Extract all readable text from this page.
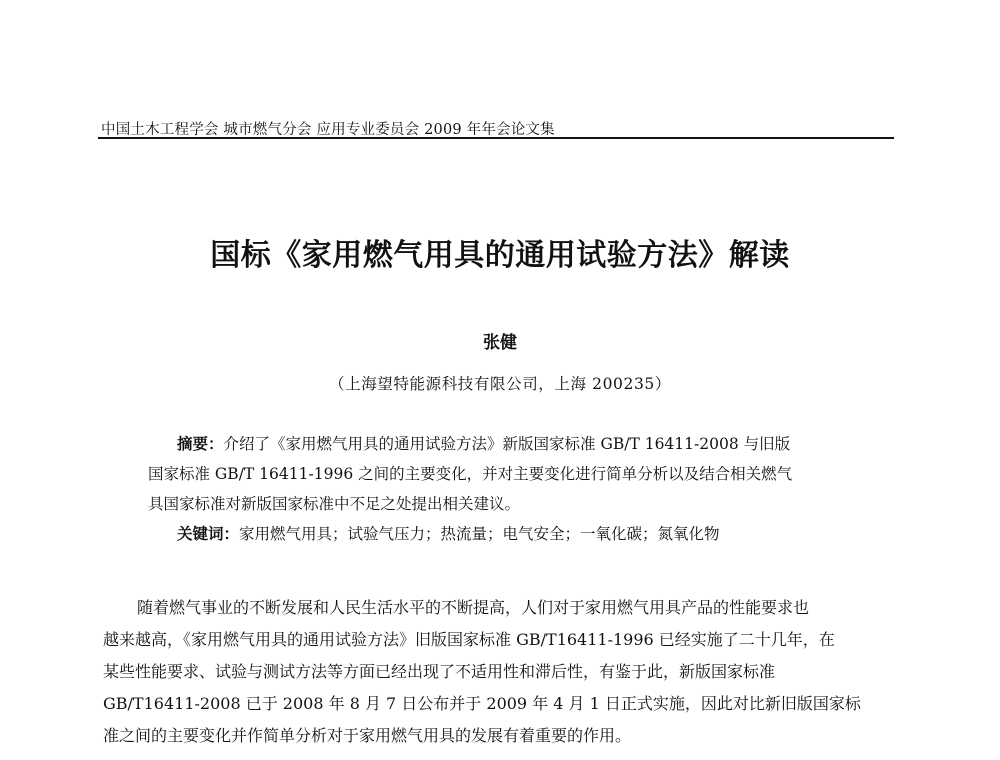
中国土木工程学会 城市燃气分会 应用专业委员会 2009 年年会论文集
国标《家用燃气用具的通用试验方法》解读
张健
（上海望特能源科技有限公司，上海 200235）
摘要：介绍了《家用燃气用具的通用试验方法》新版国家标准 GB/T 16411-2008 与旧版
国家标准 GB/T 16411-1996 之间的主要变化，并对主要变化进行简单分析以及结合相关燃气
具国家标准对新版国家标准中不足之处提出相关建议。
关键词：家用燃气用具；试验气压力；热流量；电气安全；一氧化碳；氮氧化物
随着燃气事业的不断发展和人民生活水平的不断提高，人们对于家用燃气用具产品的性能要求也
越来越高，《家用燃气用具的通用试验方法》旧版国家标准 GB/T16411-1996 已经实施了二十几年，在
某些性能要求、试验与测试方法等方面已经出现了不适用性和滞后性，有鉴于此，新版国家标准
GB/T16411-2008 已于 2008 年 8 月 7 日公布并于 2009 年 4 月 1 日正式实施，因此对比新旧版国家标
准之间的主要变化并作简单分析对于家用燃气用具的发展有着重要的作用。
